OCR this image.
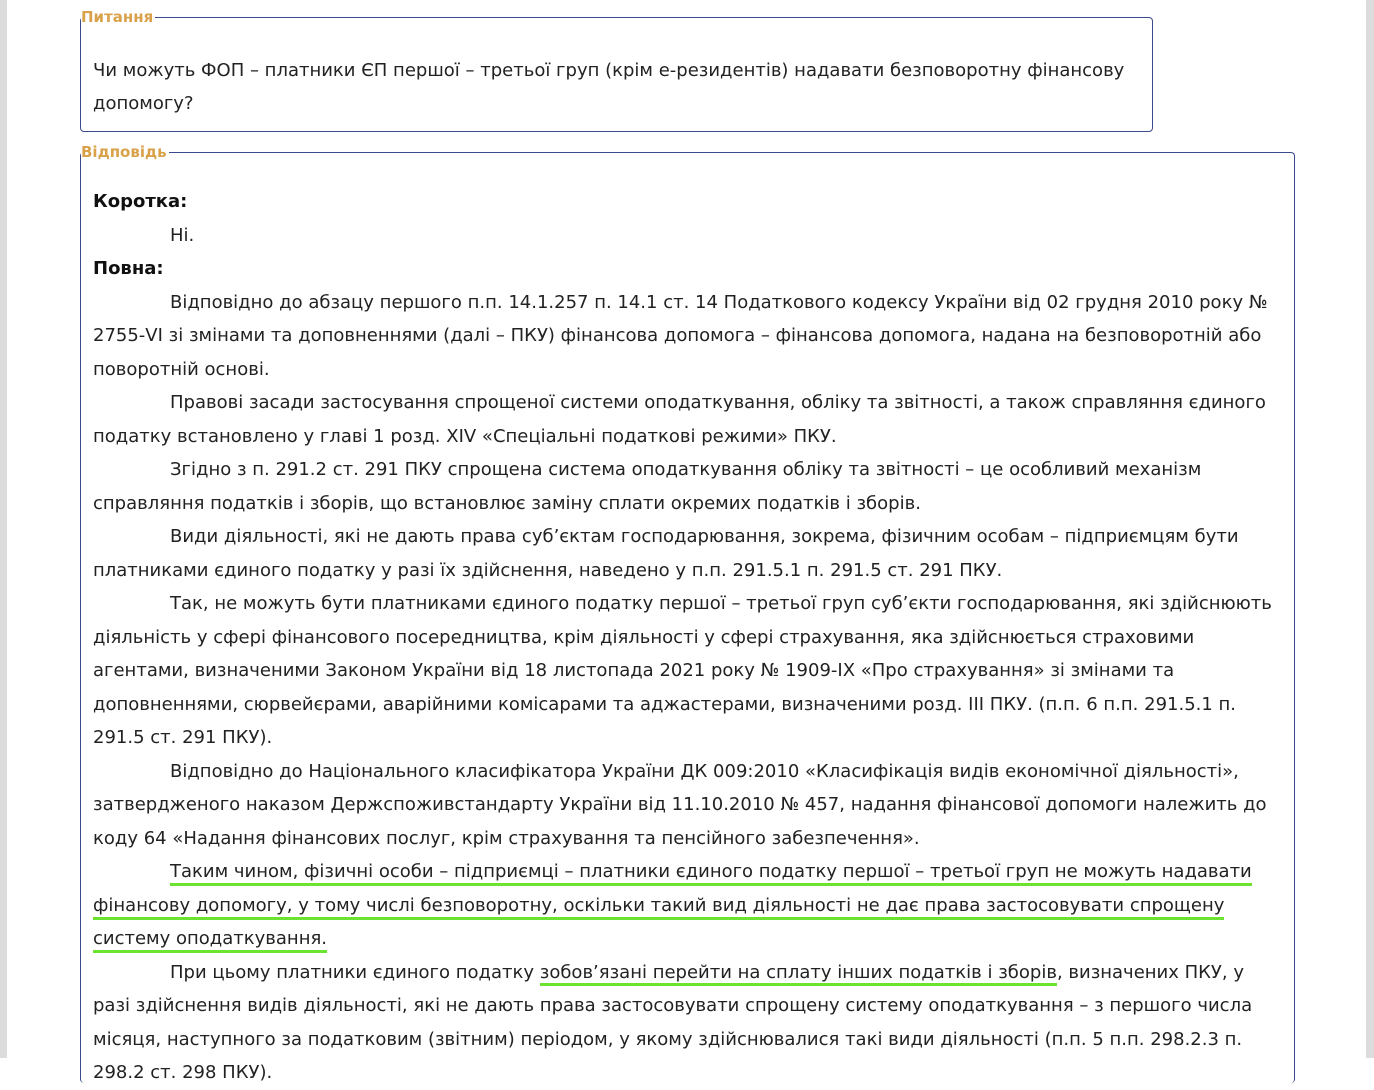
Питання

Чи можуть ФОП – платники ЄП першої – третьої груп (крім е-резидентів) надавати безповоротну фінансову допомогу?

Відповідь
Коротка:
Ні.
Повна:

Відповідно до абзацу першого п.п. 14.1.257 п. 14.1 ст. 14 Податкового кодексу України від 02 грудня 2010 року № 2755-VI зі змінами та доповненнями (далі – ПКУ) фінансова допомога – фінансова допомога, надана на безповоротній або поворотній основі.

Правові засади застосування спрощеної системи оподаткування, обліку та звітності, а також справляння єдиного податку встановлено у главі 1 розд. XIV «Спеціальні податкові режими» ПКУ.

Згідно з п. 291.2 ст. 291 ПКУ спрощена система оподаткування обліку та звітності – це особливий механізм справляння податків і зборів, що встановлює заміну сплати окремих податків і зборів.

Види діяльності, які не дають права суб’єктам господарювання, зокрема, фізичним особам – підприємцям бути платниками єдиного податку у разі їх здійснення, наведено у п.п. 291.5.1 п. 291.5 ст. 291 ПКУ.

Так, не можуть бути платниками єдиного податку першої – третьої груп суб’єкти господарювання, які здійснюють діяльність у сфері фінансового посередництва, крім діяльності у сфері страхування, яка здійснюється страховими агентами, визначеними Законом України від 18 листопада 2021 року № 1909-IX «Про страхування» зі змінами та доповненнями, сюрвейєрами, аварійними комісарами та аджастерами, визначеними розд. III ПКУ. (п.п. 6 п.п. 291.5.1 п. 291.5 ст. 291 ПКУ).

Відповідно до Національного класифікатора України ДК 009:2010 «Класифікація видів економічної діяльності», затвердженого наказом Держспоживстандарту України від 11.10.2010 № 457, надання фінансової допомоги належить до коду 64 «Надання фінансових послуг, крім страхування та пенсійного забезпечення».

Таким чином, фізичні особи – підприємці – платники єдиного податку першої – третьої груп не можуть надавати фінансову допомогу, у тому числі безповоротну, оскільки такий вид діяльності не дає права застосовувати спрощену систему оподаткування.

При цьому платники єдиного податку зобов’язані перейти на сплату інших податків і зборів, визначених ПКУ, у разі здійснення видів діяльності, які не дають права застосовувати спрощену систему оподаткування – з першого числа місяця, наступного за податковим (звітним) періодом, у якому здійснювалися такі види діяльності (п.п. 5 п.п. 298.2.3 п. 298.2 ст. 298 ПКУ).
